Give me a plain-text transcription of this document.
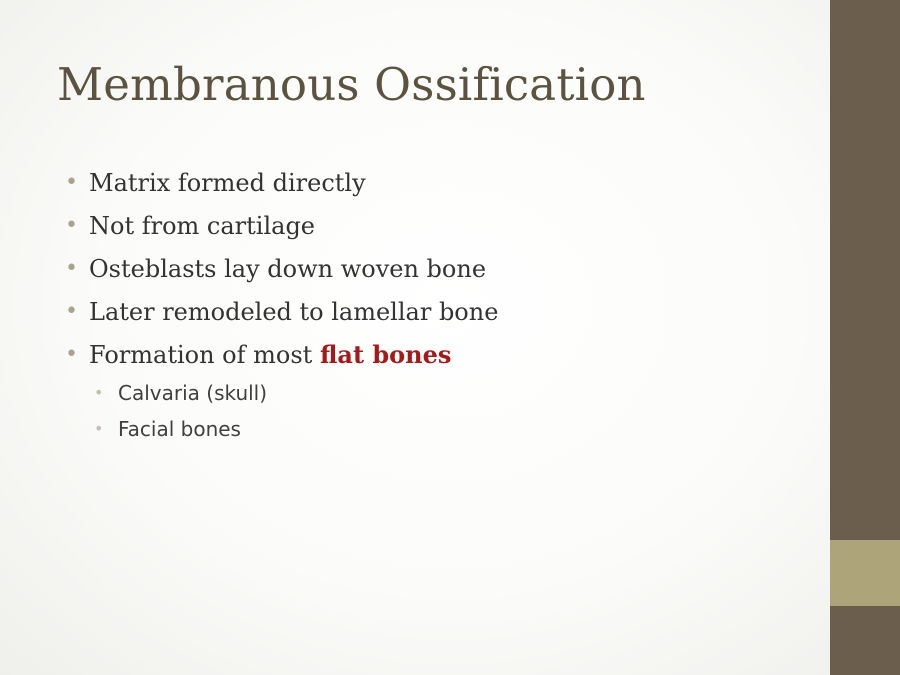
Membranous Ossification
• Matrix formed directly
• Not from cartilage
• Osteblasts lay down woven bone
• Later remodeled to lamellar bone
• Formation of most flat bones
• Calvaria (skull)
• Facial bones
